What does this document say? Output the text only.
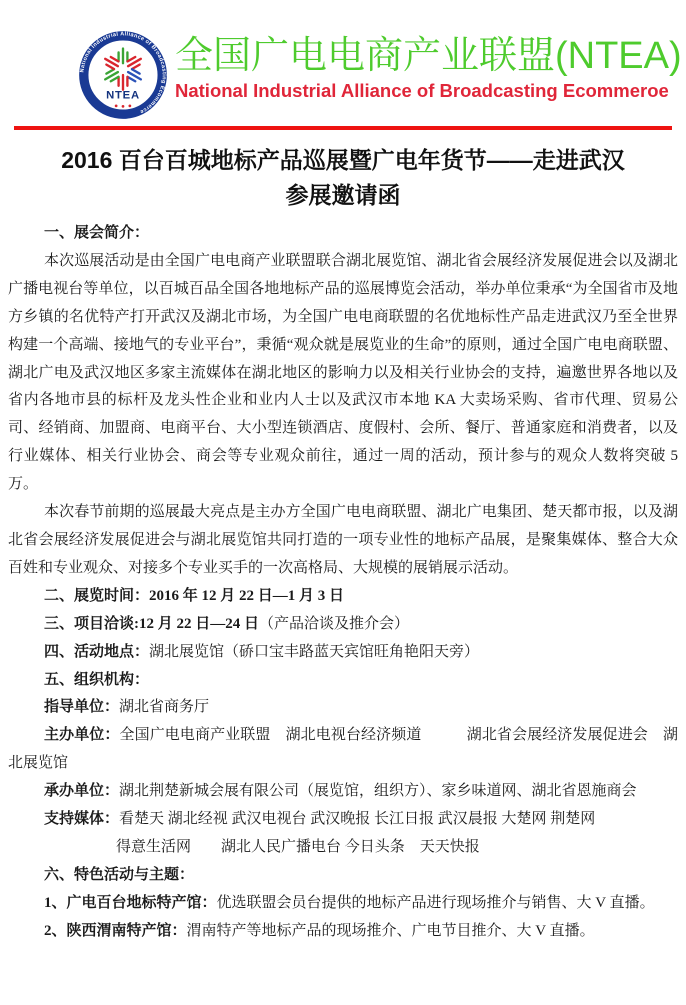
National Industrial Alliance of Broadcasting Ecommerce
NTEA
全国广电电商产业联盟(NTEA)
National Industrial Alliance of Broadcasting Ecommeroe
2016 百台百城地标产品巡展暨广电年货节——走进武汉
参展邀请函

一、展会简介：

本次巡展活动是由全国广电电商产业联盟联合湖北展览馆、湖北省会展经济发展促进会以及湖北广播电视台等单位，以百城百品全国各地地标产品的巡展博览会活动，举办单位秉承“为全国省市及地方乡镇的名优特产打开武汉及湖北市场，为全国广电电商联盟的名优地标性产品走进武汉乃至全世界构建一个高端、接地气的专业平台”，秉循“观众就是展览业的生命”的原则，通过全国广电电商联盟、湖北广电及武汉地区多家主流媒体在湖北地区的影响力以及相关行业协会的支持，遍邀世界各地以及省内各地市县的标杆及龙头性企业和业内人士以及武汉市本地 KA 大卖场采购、省市代理、贸易公司、经销商、加盟商、电商平台、大小型连锁酒店、度假村、会所、餐厅、普通家庭和消费者，以及行业媒体、相关行业协会、商会等专业观众前往，通过一周的活动，预计参与的观众人数将突破 5 万。

本次春节前期的巡展最大亮点是主办方全国广电电商联盟、湖北广电集团、楚天都市报，以及湖北省会展经济发展促进会与湖北展览馆共同打造的一项专业性的地标产品展，是聚集媒体、整合大众百姓和专业观众、对接多个专业买手的一次高格局、大规模的展销展示活动。

二、展览时间：2016 年 12 月 22 日—1 月 3 日

三、项目洽谈:12 月 22 日—24 日（产品洽谈及推介会）

四、活动地点：湖北展览馆（硚口宝丰路蓝天宾馆旺角艳阳天旁）

五、组织机构：

指导单位：湖北省商务厅

主办单位：全国广电电商产业联盟　湖北电视台经济频道　　　湖北省会展经济发展促进会　湖北展览馆

承办单位：湖北荆楚新城会展有限公司（展览馆，组织方）、家乡味道网、湖北省恩施商会

支持媒体：看楚天 湖北经视 武汉电视台 武汉晚报 长江日报 武汉晨报 大楚网 荆楚网

得意生活网　　湖北人民广播电台 今日头条　天天快报

六、特色活动与主题：

1、广电百台地标特产馆：优选联盟会员台提供的地标产品进行现场推介与销售、大 V 直播。

2、陕西渭南特产馆：渭南特产等地标产品的现场推介、广电节目推介、大 V 直播。
